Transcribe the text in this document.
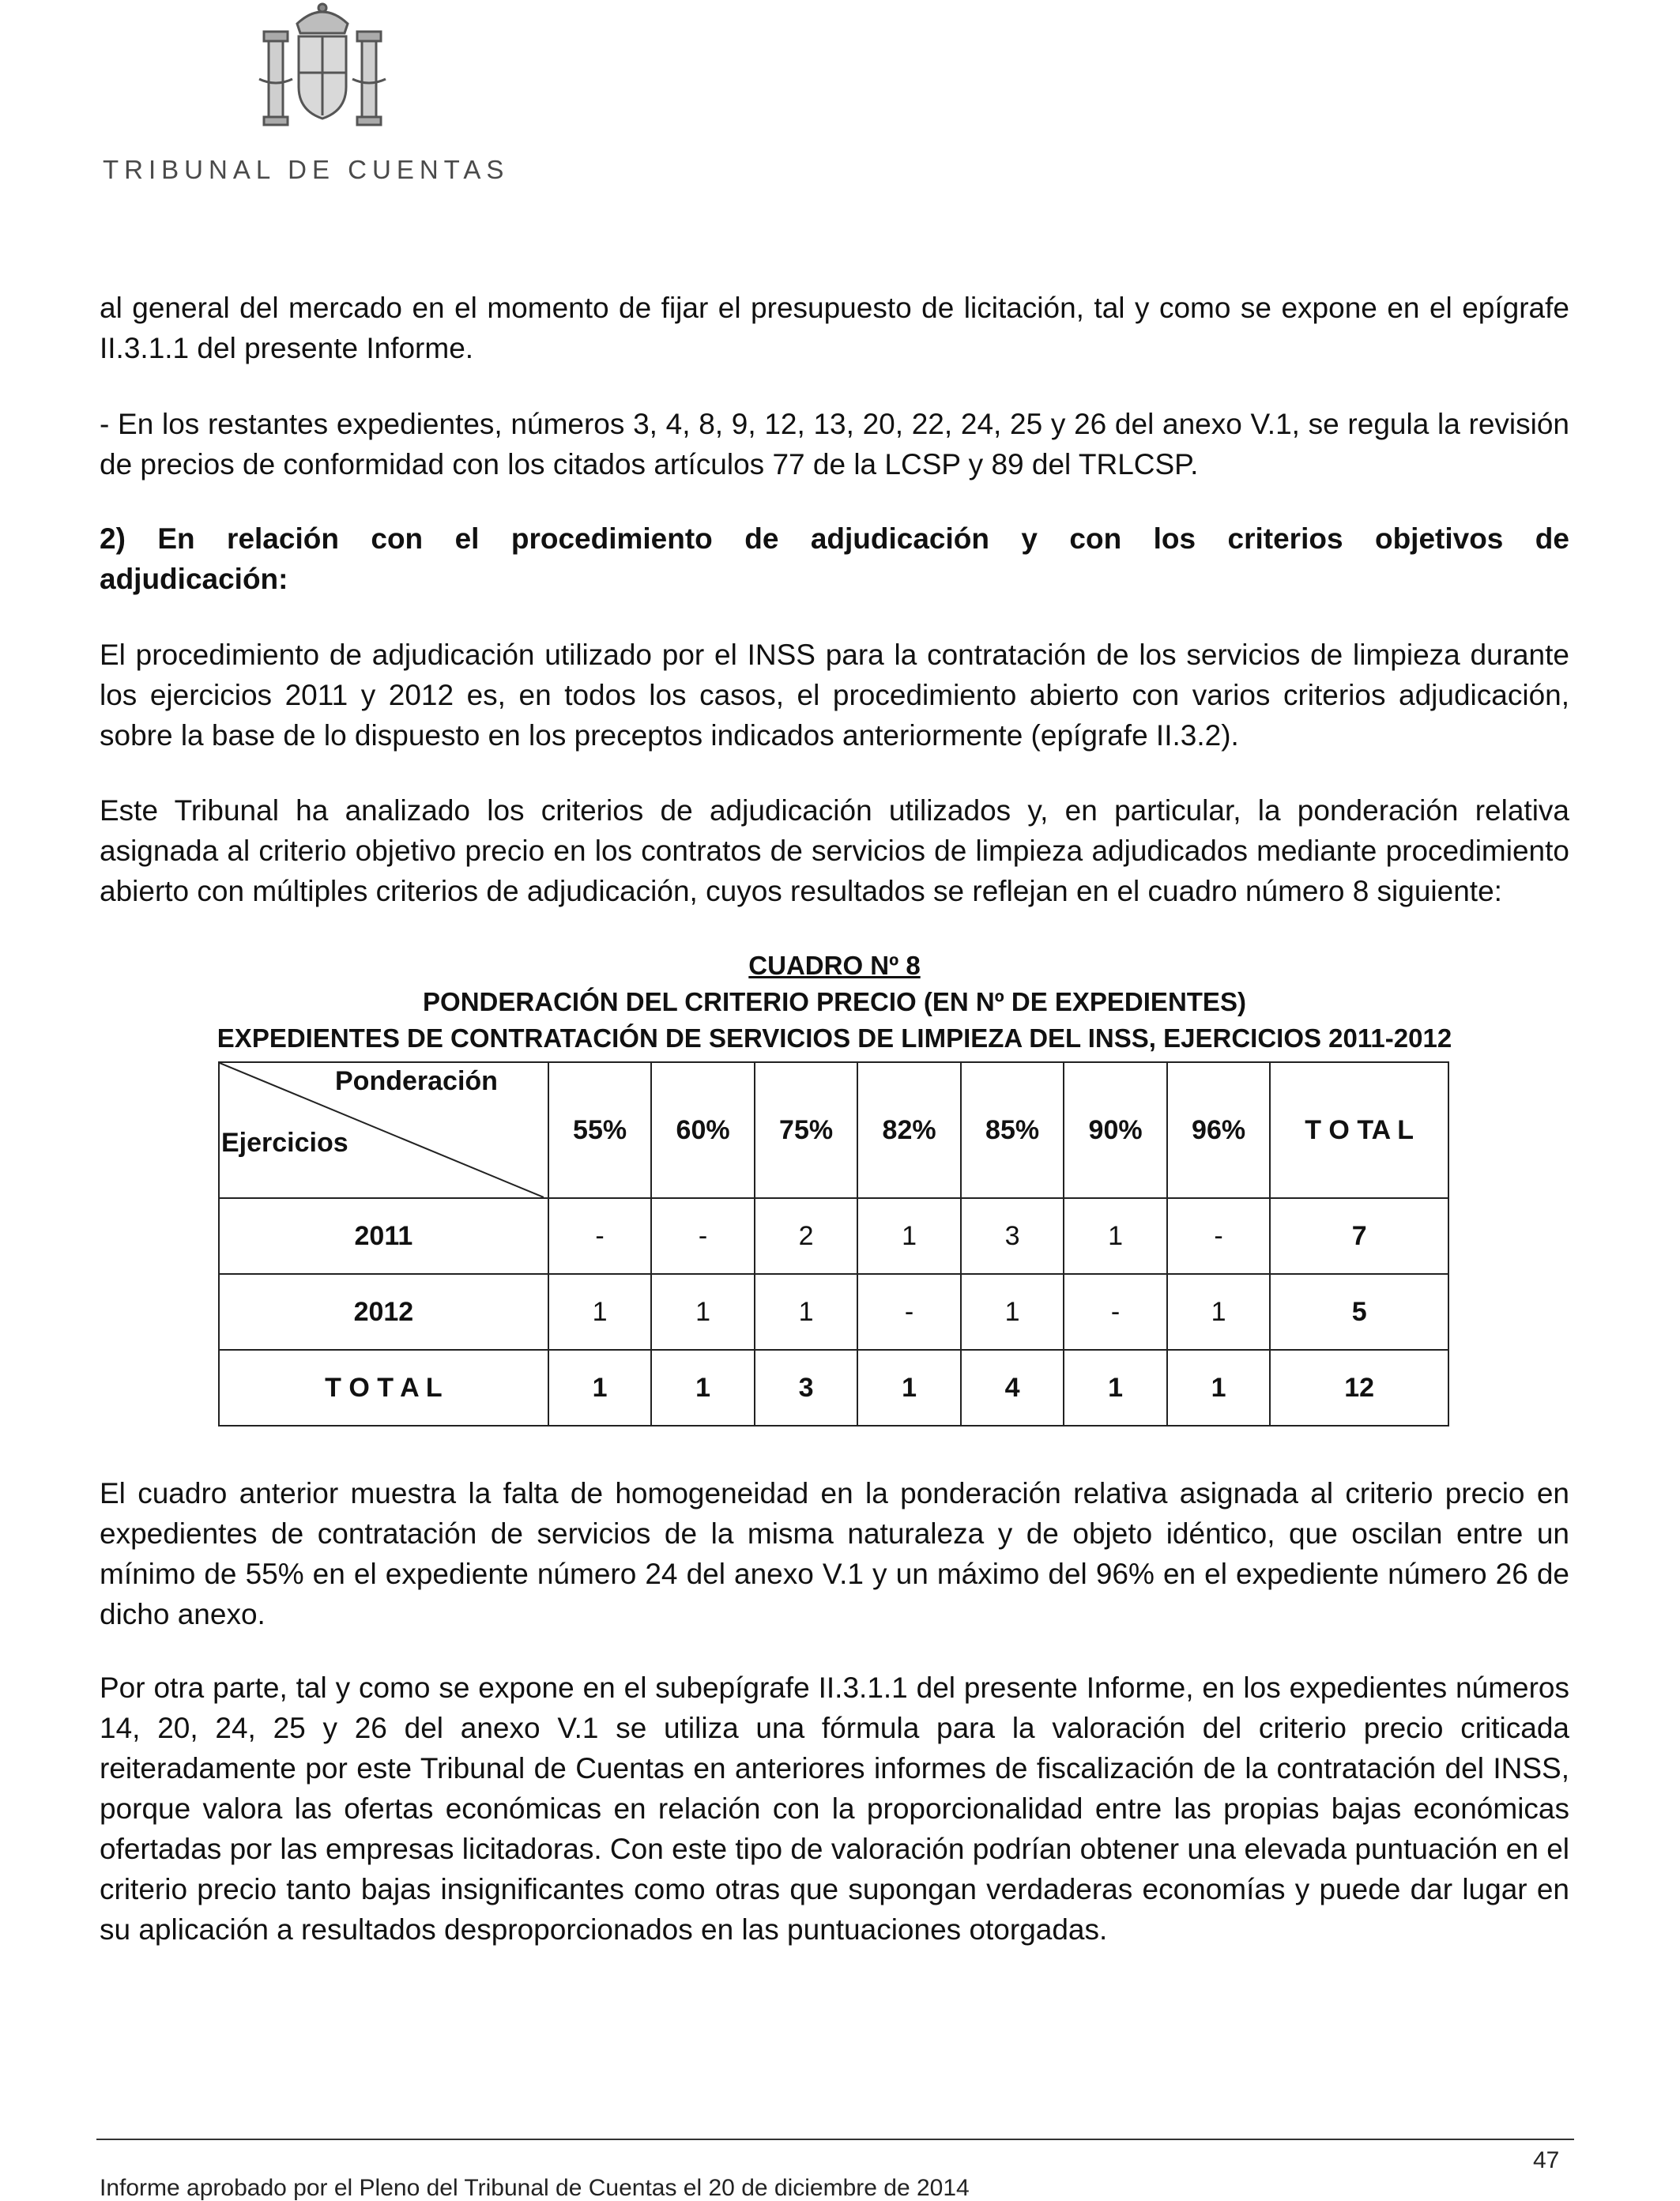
TRIBUNAL DE CUENTAS
al general del mercado en el momento de fijar el presupuesto de licitación, tal y como se expone en el epígrafe II.3.1.1 del presente Informe.
- En los restantes expedientes, números 3, 4, 8, 9, 12, 13, 20, 22, 24, 25 y 26 del anexo V.1, se regula la revisión de precios de conformidad con los citados artículos 77 de la LCSP y 89 del TRLCSP.
2) En relación con el procedimiento de adjudicación y con los criterios objetivos de adjudicación:
El procedimiento de adjudicación utilizado por el INSS para la contratación de los servicios de limpieza durante los ejercicios 2011 y 2012 es, en todos los casos, el procedimiento abierto con varios criterios adjudicación, sobre la base de lo dispuesto en los preceptos indicados anteriormente (epígrafe II.3.2).
Este Tribunal ha analizado los criterios de adjudicación utilizados y, en particular, la ponderación relativa asignada al criterio objetivo precio en los contratos de servicios de limpieza adjudicados mediante procedimiento abierto con múltiples criterios de adjudicación, cuyos resultados se reflejan en el cuadro número 8 siguiente:
CUADRO Nº 8
PONDERACIÓN DEL CRITERIO PRECIO (EN Nº DE EXPEDIENTES)
EXPEDIENTES DE CONTRATACIÓN DE SERVICIOS DE LIMPIEZA DEL INSS, EJERCICIOS 2011-2012
Ponderación
Ejercicios	55%	60%	75%	82%	85%	90%	96%	T O TA L
2011	-	-	2	1	3	1	-	7
2012	1	1	1	-	1	-	1	5
T O T A L	1	1	3	1	4	1	1	12
El cuadro anterior muestra la falta de homogeneidad en la ponderación relativa asignada al criterio precio en expedientes de contratación de servicios de la misma naturaleza y de objeto idéntico, que oscilan entre un mínimo de 55% en el expediente número 24 del anexo V.1 y un máximo del 96% en el expediente número 26 de dicho anexo.
Por otra parte, tal y como se expone en el subepígrafe II.3.1.1 del presente Informe, en los expedientes números 14, 20, 24, 25 y 26 del anexo V.1 se utiliza una fórmula para la valoración del criterio precio criticada reiteradamente por este Tribunal de Cuentas en anteriores informes de fiscalización de la contratación del INSS, porque valora las ofertas económicas en relación con la proporcionalidad entre las propias bajas económicas ofertadas por las empresas licitadoras. Con este tipo de valoración podrían obtener una elevada puntuación en el criterio precio tanto bajas insignificantes como otras que supongan verdaderas economías y puede dar lugar en su aplicación a resultados desproporcionados en las puntuaciones otorgadas.
47
Informe aprobado por el Pleno del Tribunal de Cuentas el 20 de diciembre de 2014
